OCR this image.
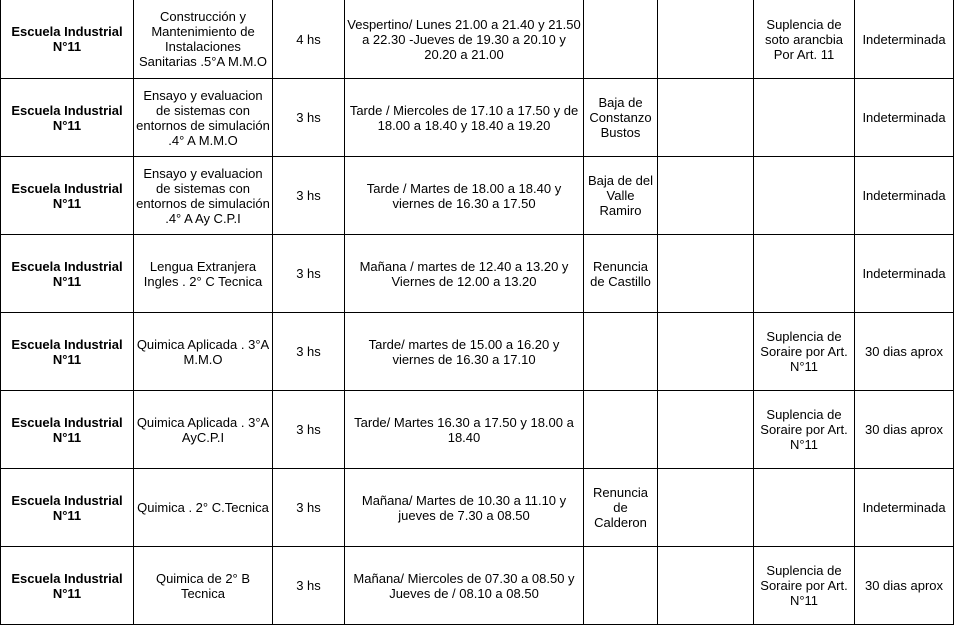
Escuela Industrial N°11	Construcción y Mantenimiento de Instalaciones Sanitarias .5°A M.M.O	4 hs	Vespertino/ Lunes 21.00 a 21.40 y 21.50 a 22.30 -Jueves de 19.30 a 20.10 y 20.20 a 21.00			Suplencia de soto arancbia Por Art. 11	Indeterminada
Escuela Industrial N°11	Ensayo y evaluacion de sistemas con entornos de simulación .4° A M.M.O	3 hs	Tarde / Miercoles de 17.10 a 17.50 y de 18.00 a 18.40 y 18.40 a 19.20	Baja de Constanzo Bustos			Indeterminada
Escuela Industrial N°11	Ensayo y evaluacion de sistemas con entornos de simulación .4° A Ay C.P.I	3 hs	Tarde / Martes de 18.00 a 18.40 y viernes de 16.30 a 17.50	Baja de del Valle Ramiro			Indeterminada
Escuela Industrial N°11	Lengua Extranjera Ingles . 2° C Tecnica	3 hs	Mañana / martes de 12.40 a 13.20 y Viernes de 12.00 a 13.20	Renuncia de Castillo			Indeterminada
Escuela Industrial N°11	Quimica Aplicada . 3°A M.M.O	3 hs	Tarde/ martes de 15.00 a 16.20 y viernes de 16.30 a 17.10			Suplencia de Soraire por Art. N°11	30 dias aprox
Escuela Industrial N°11	Quimica Aplicada . 3°A AyC.P.I	3 hs	Tarde/ Martes 16.30 a 17.50 y 18.00 a 18.40			Suplencia de Soraire por Art. N°11	30 dias aprox
Escuela Industrial N°11	Quimica . 2° C.Tecnica	3 hs	Mañana/ Martes de 10.30 a 11.10 y jueves de 7.30 a 08.50	Renuncia de Calderon			Indeterminada
Escuela Industrial N°11	Quimica de 2° B Tecnica	3 hs	Mañana/ Miercoles de 07.30 a 08.50 y Jueves de / 08.10 a 08.50			Suplencia de Soraire por Art. N°11	30 dias aprox
